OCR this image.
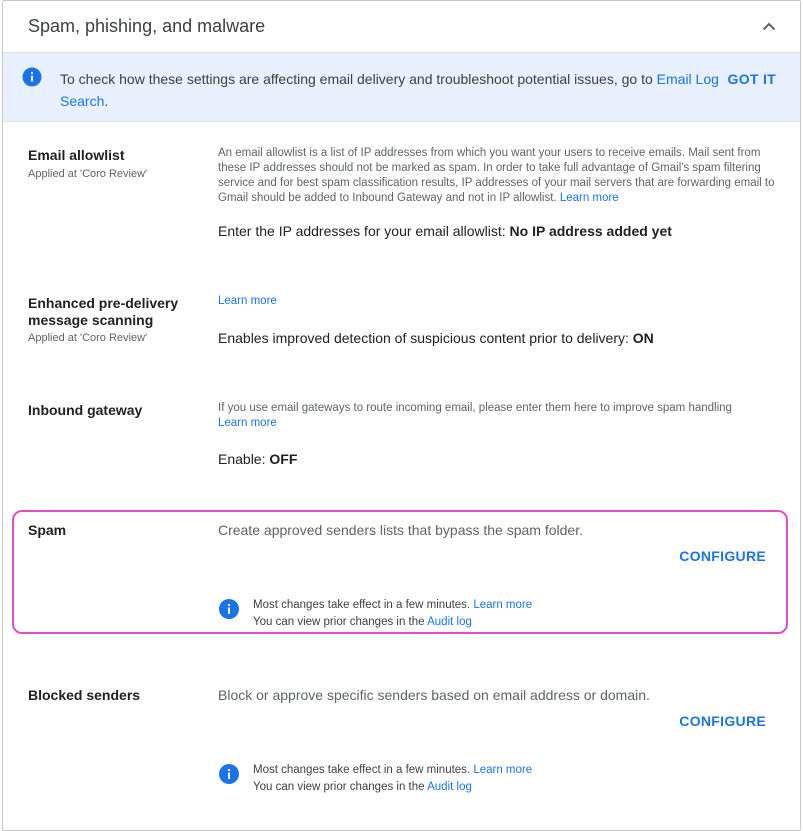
Spam, phishing, and malware
To check how these settings are affecting email delivery and troubleshoot potential issues, go to Email Log Search.
GOT IT
Email allowlist
Applied at 'Coro Review'
An email allowlist is a list of IP addresses from which you want your users to receive emails. Mail sent from these IP addresses should not be marked as spam. In order to take full advantage of Gmail's spam filtering service and for best spam classification results, IP addresses of your mail servers that are forwarding email to Gmail should be added to Inbound Gateway and not in IP allowlist. Learn more
Enter the IP addresses for your email allowlist: No IP address added yet
Enhanced pre-delivery message scanning
Applied at 'Coro Review'
Learn more
Enables improved detection of suspicious content prior to delivery: ON
Inbound gateway	If you use email gateways to route incoming email, please enter them here to improve spam handling
Learn more
Enable: OFF
Spam	Create approved senders lists that bypass the spam folder.
CONFIGURE
Most changes take effect in a few minutes. Learn more
You can view prior changes in the Audit log
Blocked senders	Block or approve specific senders based on email address or domain.
CONFIGURE
Most changes take effect in a few minutes. Learn more
You can view prior changes in the Audit log
